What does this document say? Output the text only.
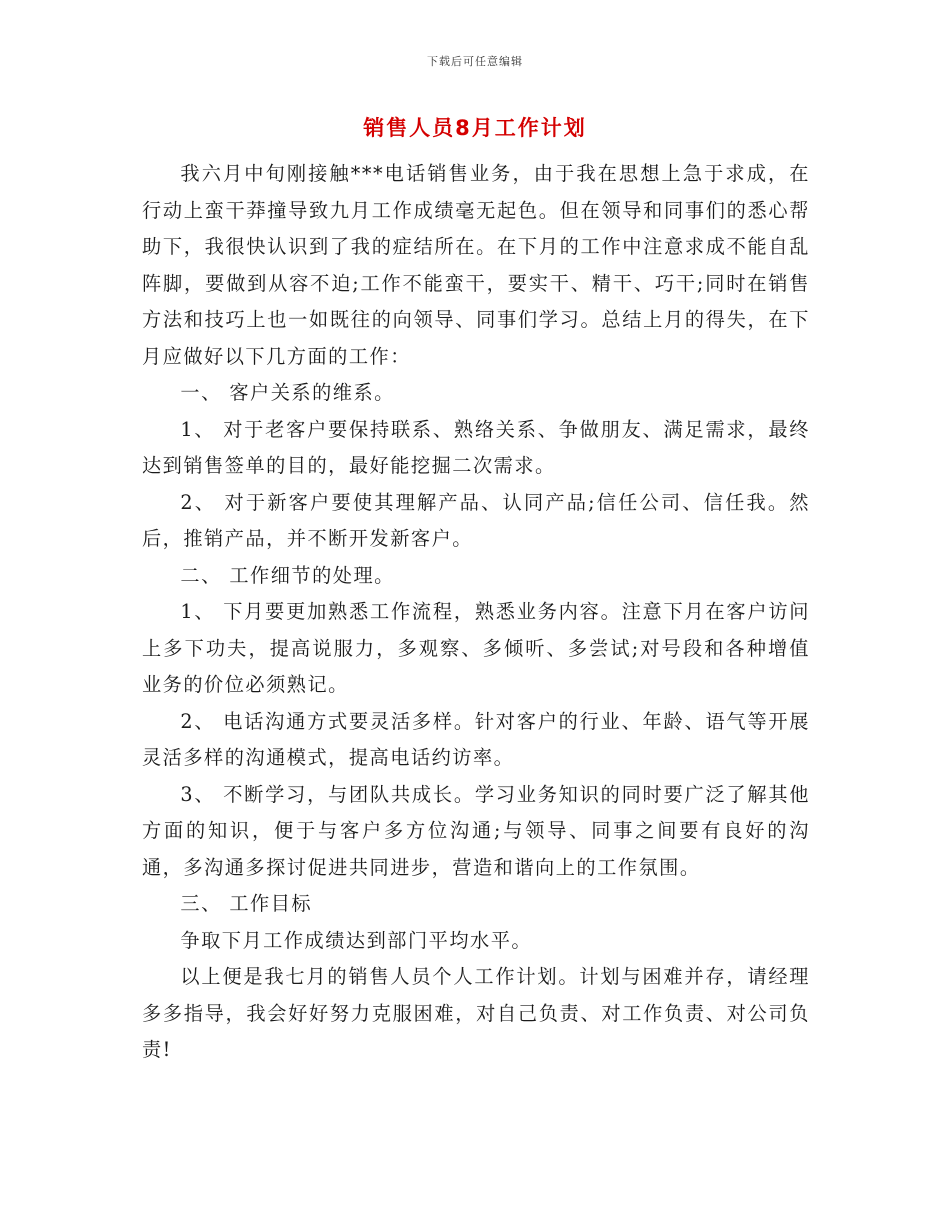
下载后可任意编辑
销售人员8月工作计划

我六月中旬刚接触***电话销售业务，由于我在思想上急于求成，在行动上蛮干莽撞导致九月工作成绩毫无起色。但在领导和同事们的悉心帮助下，我很快认识到了我的症结所在。在下月的工作中注意求成不能自乱阵脚，要做到从容不迫;工作不能蛮干，要实干、精干、巧干;同时在销售方法和技巧上也一如既往的向领导、同事们学习。总结上月的得失，在下月应做好以下几方面的工作：

一、 客户关系的维系。

1、 对于老客户要保持联系、熟络关系、争做朋友、满足需求，最终达到销售签单的目的，最好能挖掘二次需求。

2、 对于新客户要使其理解产品、认同产品;信任公司、信任我。然后，推销产品，并不断开发新客户。

二、 工作细节的处理。

1、 下月要更加熟悉工作流程，熟悉业务内容。注意下月在客户访问上多下功夫，提高说服力，多观察、多倾听、多尝试;对号段和各种增值业务的价位必须熟记。

2、 电话沟通方式要灵活多样。针对客户的行业、年龄、语气等开展灵活多样的沟通模式，提高电话约访率。

3、 不断学习，与团队共成长。学习业务知识的同时要广泛了解其他方面的知识，便于与客户多方位沟通;与领导、同事之间要有良好的沟通，多沟通多探讨促进共同进步，营造和谐向上的工作氛围。

三、 工作目标

争取下月工作成绩达到部门平均水平。

以上便是我七月的销售人员个人工作计划。计划与困难并存，请经理多多指导，我会好好努力克服困难，对自己负责、对工作负责、对公司负责!
